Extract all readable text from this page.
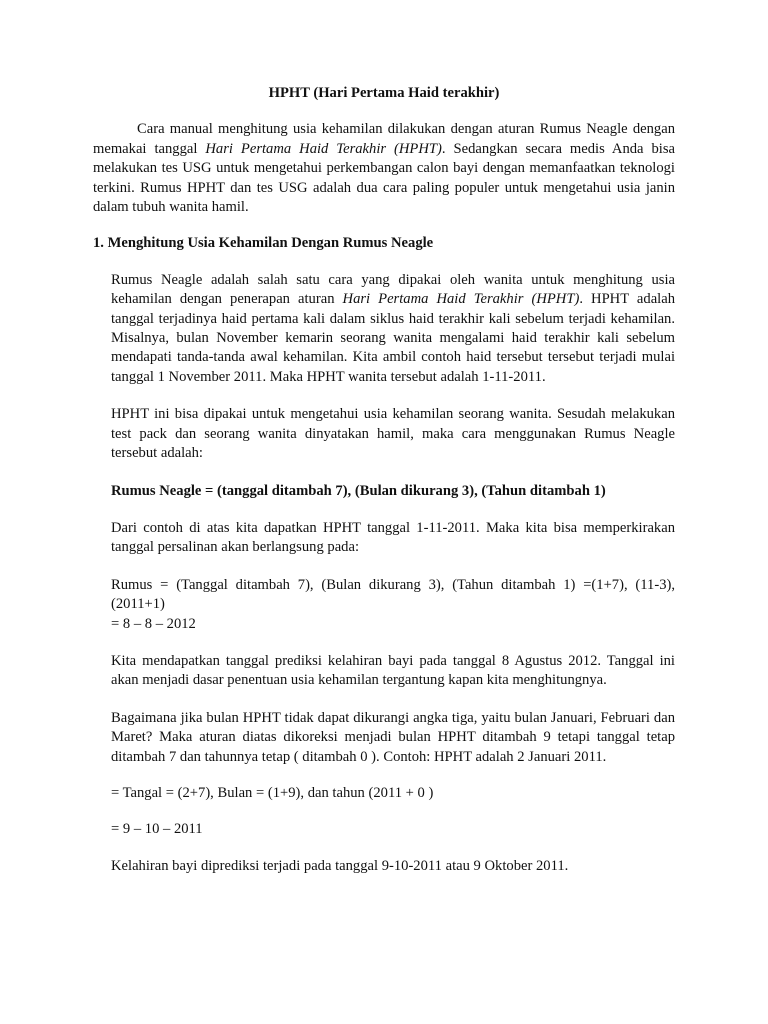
HPHT (Hari Pertama Haid terakhir)

Cara manual menghitung usia kehamilan dilakukan dengan aturan Rumus Neagle dengan memakai tanggal Hari Pertama Haid Terakhir (HPHT). Sedangkan secara medis Anda bisa melakukan tes USG untuk mengetahui perkembangan calon bayi dengan memanfaatkan teknologi terkini. Rumus HPHT dan tes USG adalah dua cara paling populer untuk mengetahui usia janin dalam tubuh wanita hamil.

1. Menghitung Usia Kehamilan Dengan Rumus Neagle

Rumus Neagle adalah salah satu cara yang dipakai oleh wanita untuk menghitung usia kehamilan dengan penerapan aturan Hari Pertama Haid Terakhir (HPHT). HPHT adalah tanggal terjadinya haid pertama kali dalam siklus haid terakhir kali sebelum terjadi kehamilan. Misalnya, bulan November kemarin seorang wanita mengalami haid terakhir kali sebelum mendapati tanda-tanda awal kehamilan. Kita ambil contoh haid tersebut tersebut terjadi mulai tanggal 1 November 2011. Maka HPHT wanita tersebut adalah 1-11-2011.

HPHT ini bisa dipakai untuk mengetahui usia kehamilan seorang wanita. Sesudah melakukan test pack dan seorang wanita dinyatakan hamil, maka cara menggunakan Rumus Neagle tersebut adalah:

Rumus Neagle = (tanggal ditambah 7), (Bulan dikurang 3), (Tahun ditambah 1)

Dari contoh di atas kita dapatkan HPHT tanggal 1-11-2011. Maka kita bisa memperkirakan tanggal persalinan akan berlangsung pada:

Rumus = (Tanggal ditambah 7), (Bulan dikurang 3), (Tahun ditambah 1) =(1+7), (11-3), (2011+1)

= 8 – 8 – 2012

Kita mendapatkan tanggal prediksi kelahiran bayi pada tanggal 8 Agustus 2012. Tanggal ini akan menjadi dasar penentuan usia kehamilan tergantung kapan kita menghitungnya.

Bagaimana jika bulan HPHT tidak dapat dikurangi angka tiga, yaitu bulan Januari, Februari dan Maret? Maka aturan diatas dikoreksi menjadi bulan HPHT ditambah 9 tetapi tanggal tetap ditambah 7 dan tahunnya tetap ( ditambah 0 ). Contoh: HPHT adalah 2 Januari 2011.

= Tangal = (2+7), Bulan = (1+9), dan tahun (2011 + 0 )

= 9 – 10 – 2011

Kelahiran bayi diprediksi terjadi pada tanggal 9-10-2011 atau 9 Oktober 2011.
